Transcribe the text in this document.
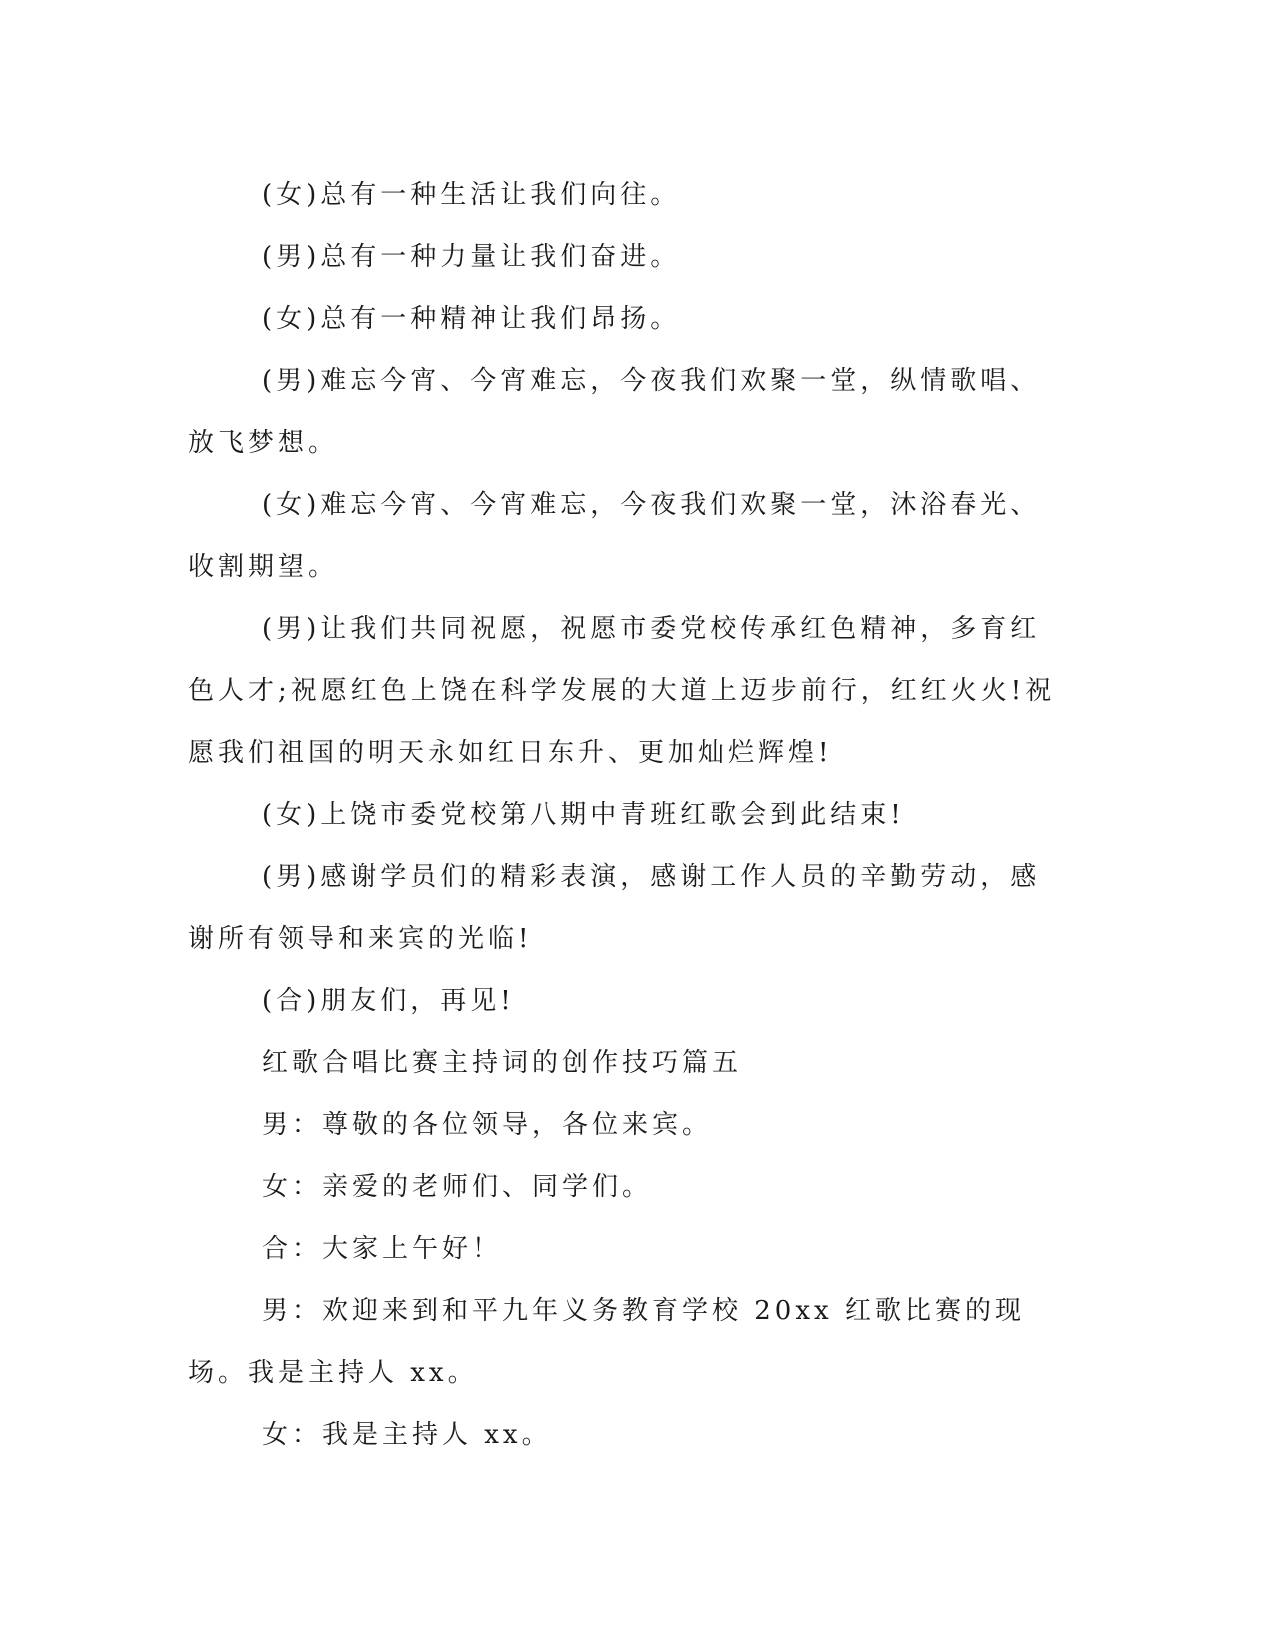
(女)总有一种生活让我们向往。

(男)总有一种力量让我们奋进。

(女)总有一种精神让我们昂扬。

(男)难忘今宵、今宵难忘，今夜我们欢聚一堂，纵情歌唱、放飞梦想。

(女)难忘今宵、今宵难忘，今夜我们欢聚一堂，沐浴春光、收割期望。

(男)让我们共同祝愿，祝愿市委党校传承红色精神，多育红色人才;祝愿红色上饶在科学发展的大道上迈步前行，红红火火!祝愿我们祖国的明天永如红日东升、更加灿烂辉煌!

(女)上饶市委党校第八期中青班红歌会到此结束!

(男)感谢学员们的精彩表演，感谢工作人员的辛勤劳动，感谢所有领导和来宾的光临!

(合)朋友们，再见!

红歌合唱比赛主持词的创作技巧篇五

男：尊敬的各位领导，各位来宾。

女：亲爱的老师们、同学们。

合：大家上午好！

男：欢迎来到和平九年义务教育学校 20xx 红歌比赛的现场。我是主持人 xx。

女：我是主持人 xx。
